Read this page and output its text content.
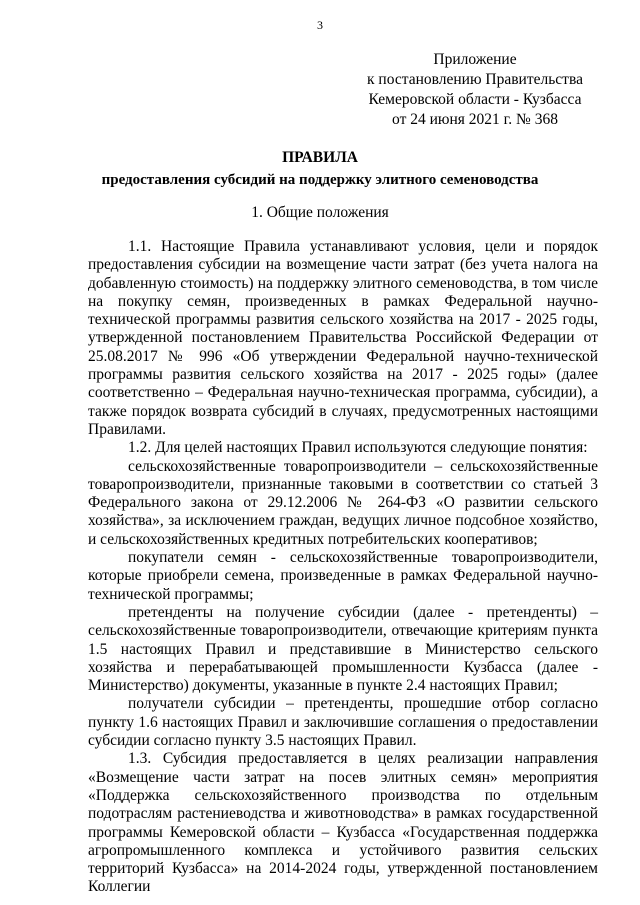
3
Приложение
к постановлению Правительства
Кемеровской области - Кузбасса
от 24 июня 2021 г. № 368
ПРАВИЛА
предоставления субсидий на поддержку элитного семеноводства
1. Общие положения

1.1. Настоящие Правила устанавливают условия, цели и порядок предоставления субсидии на возмещение части затрат (без учета налога на добавленную стоимость) на поддержку элитного семеноводства, в том числе на покупку семян, произведенных в рамках Федеральной научно-технической программы развития сельского хозяйства на 2017 - 2025 годы, утвержденной постановлением Правительства Российской Федерации от 25.08.2017 № 996 «Об утверждении Федеральной научно-технической программы развития сельского хозяйства на 2017 - 2025 годы» (далее соответственно – Федеральная научно-техническая программа, субсидии), а также порядок возврата субсидий в случаях, предусмотренных настоящими Правилами.

1.2. Для целей настоящих Правил используются следующие понятия:

сельскохозяйственные товаропроизводители – сельскохозяйственные товаропроизводители, признанные таковыми в соответствии со статьей 3 Федерального закона от 29.12.2006 № 264-ФЗ «О развитии сельского хозяйства», за исключением граждан, ведущих личное подсобное хозяйство, и сельскохозяйственных кредитных потребительских кооперативов;

покупатели семян - сельскохозяйственные товаропроизводители, которые приобрели семена, произведенные в рамках Федеральной научно-технической программы;

претенденты на получение субсидии (далее - претенденты) – сельскохозяйственные товаропроизводители, отвечающие критериям пункта 1.5 настоящих Правил и представившие в Министерство сельского хозяйства и перерабатывающей промышленности Кузбасса (далее - Министерство) документы, указанные в пункте 2.4 настоящих Правил;

получатели субсидии – претенденты, прошедшие отбор согласно пункту 1.6 настоящих Правил и заключившие соглашения о предоставлении субсидии согласно пункту 3.5 настоящих Правил.

1.3. Субсидия предоставляется в целях реализации направления «Возмещение части затрат на посев элитных семян» мероприятия «Поддержка сельскохозяйственного производства по отдельным подотраслям растениеводства и животноводства» в рамках государственной программы Кемеровской области – Кузбасса «Государственная поддержка агропромышленного комплекса и устойчивого развития сельских территорий Кузбасса» на 2014-2024 годы, утвержденной постановлением Коллегии
